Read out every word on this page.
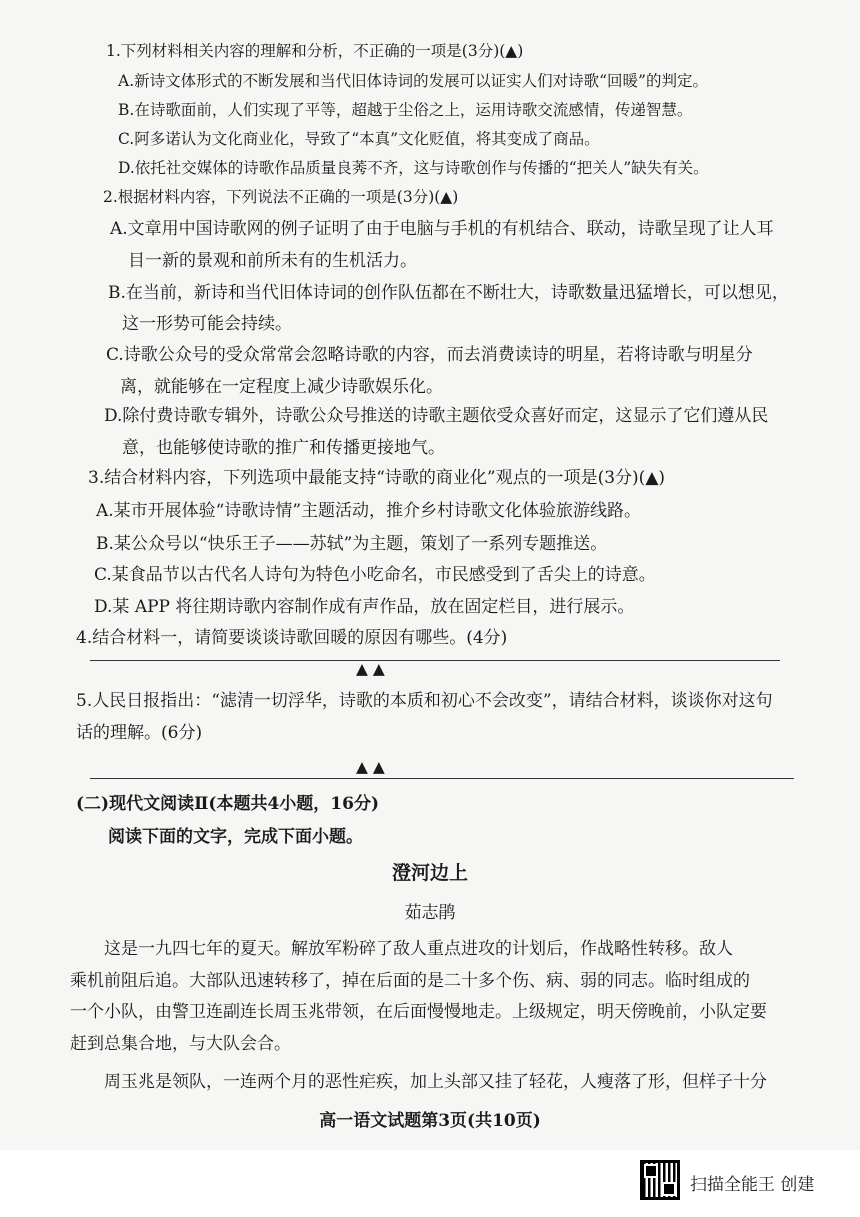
1.下列材料相关内容的理解和分析，不正确的一项是(3分)(▲)
A.新诗文体形式的不断发展和当代旧体诗词的发展可以证实人们对诗歌“回暖”的判定。
B.在诗歌面前，人们实现了平等，超越于尘俗之上，运用诗歌交流感情，传递智慧。
C.阿多诺认为文化商业化，导致了“本真”文化贬值，将其变成了商品。
D.依托社交媒体的诗歌作品质量良莠不齐，这与诗歌创作与传播的“把关人”缺失有关。
2.根据材料内容，下列说法不正确的一项是(3分)(▲)
A.文章用中国诗歌网的例子证明了由于电脑与手机的有机结合、联动，诗歌呈现了让人耳
目一新的景观和前所未有的生机活力。
B.在当前，新诗和当代旧体诗词的创作队伍都在不断壮大，诗歌数量迅猛增长，可以想见，
这一形势可能会持续。
C.诗歌公众号的受众常常会忽略诗歌的内容，而去消费读诗的明星，若将诗歌与明星分
离，就能够在一定程度上减少诗歌娱乐化。
D.除付费诗歌专辑外，诗歌公众号推送的诗歌主题依受众喜好而定，这显示了它们遵从民
意，也能够使诗歌的推广和传播更接地气。
3.结合材料内容，下列选项中最能支持“诗歌的商业化”观点的一项是(3分)(▲)
A.某市开展体验“诗歌诗情”主题活动，推介乡村诗歌文化体验旅游线路。
B.某公众号以“快乐王子——苏轼”为主题，策划了一系列专题推送。
C.某食品节以古代名人诗句为特色小吃命名，市民感受到了舌尖上的诗意。
D.某 APP 将往期诗歌内容制作成有声作品，放在固定栏目，进行展示。
4.结合材料一，请简要谈谈诗歌回暖的原因有哪些。(4分)
▲ ▲
5.人民日报指出：“滤清一切浮华，诗歌的本质和初心不会改变”，请结合材料，谈谈你对这句
话的理解。(6分)
▲ ▲
(二)现代文阅读Ⅱ(本题共4小题，16分)
阅读下面的文字，完成下面小题。
澄河边上
茹志鹃
这是一九四七年的夏天。解放军粉碎了敌人重点进攻的计划后，作战略性转移。敌人
乘机前阻后追。大部队迅速转移了，掉在后面的是二十多个伤、病、弱的同志。临时组成的
一个小队，由警卫连副连长周玉兆带领，在后面慢慢地走。上级规定，明天傍晚前，小队定要
赶到总集合地，与大队会合。
周玉兆是领队，一连两个月的恶性疟疾，加上头部又挂了轻花，人瘦落了形，但样子十分
高一语文试题第3页(共10页)
扫描全能王 创建
